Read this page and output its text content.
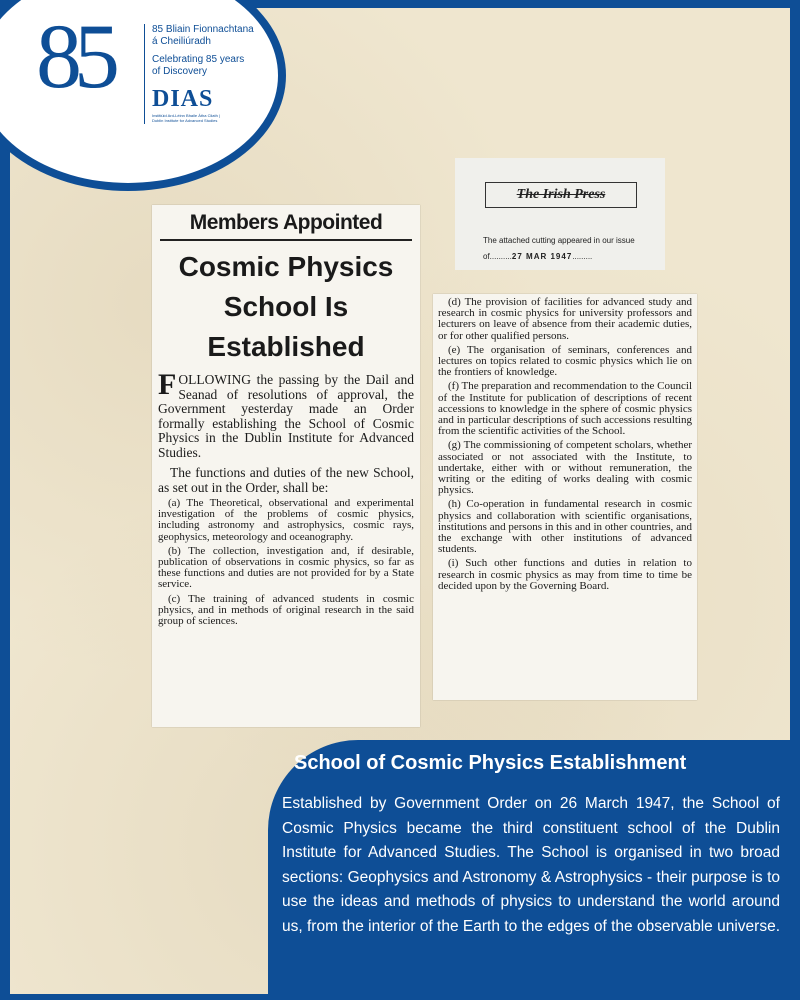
85	85 Bliain Fionnachtana
á Cheiliúradh
Celebrating 85 years
of Discovery
DIAS
Institiúid Ard-Léinn Bhaile Átha Cliath | Dublin Institute for Advanced Studies
Members Appointed
Cosmic Physics
School Is
Established
FOLLOWING the passing by the Dail and Seanad of resolutions of approval, the Government yesterday made an Order formally establishing the School of Cosmic Physics in the Dublin Institute for Advanced Studies.
The functions and duties of the new School, as set out in the Order, shall be:
(a) The Theoretical, observational and experimental investigation of the problems of cosmic physics, including astronomy and astrophysics, cosmic rays, geophysics, meteorology and oceanography.
(b) The collection, investigation and, if desirable, publication of observations in cosmic physics, so far as these functions and duties are not provided for by a State service.
(c) The training of advanced students in cosmic physics, and in methods of original research in the said group of sciences.
The Irish Press
The attached cutting appeared in our issue
of..........27 MAR 1947.........
(d) The provision of facilities for advanced study and research in cosmic physics for university professors and lecturers on leave of absence from their academic duties, or for other qualified persons.
(e) The organisation of seminars, conferences and lectures on topics related to cosmic physics which lie on the frontiers of knowledge.
(f) The preparation and recommendation to the Council of the Institute for publication of descriptions of recent accessions to knowledge in the sphere of cosmic physics and in particular descriptions of such accessions resulting from the scientific activities of the School.
(g) The commissioning of competent scholars, whether associated or not associated with the Institute, to undertake, either with or without remuneration, the writing or the editing of works dealing with cosmic physics.
(h) Co-operation in fundamental research in cosmic physics and collaboration with scientific organisations, institutions and persons in this and in other countries, and the exchange with other institutions of advanced students.
(i) Such other functions and duties in relation to research in cosmic physics as may from time to time be decided upon by the Governing Board.
School of Cosmic Physics Establishment
Established by Government Order on 26 March 1947, the School of Cosmic Physics became the third constituent school of the Dublin Institute for Advanced Studies. The School is organised in two broad sections: Geophysics and Astronomy & Astrophysics - their purpose is to use the ideas and methods of physics to understand the world around us, from the interior of the Earth to the edges of the observable universe.
